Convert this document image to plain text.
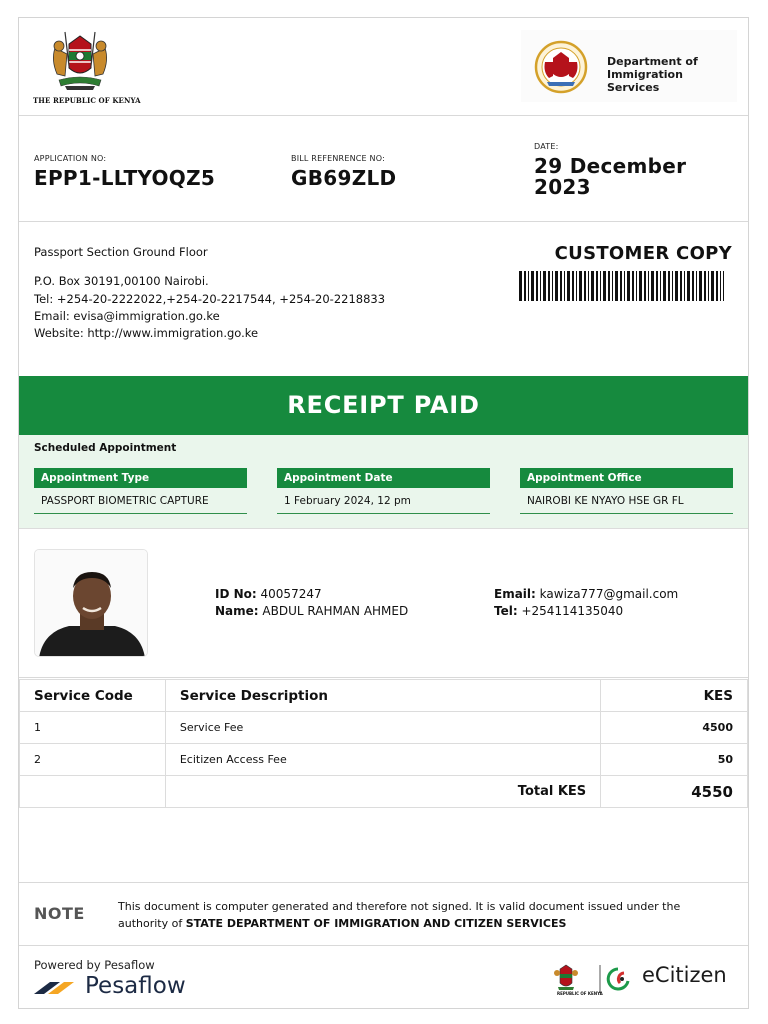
THE REPUBLIC OF KENYA
Department of
Immigration Services
APPLICATION NO:
EPP1-LLTYOQZ5
BILL REFENRENCE NO:
GB69ZLD
DATE:
29 December
2023
Passport Section Ground Floor
P.O. Box 30191,00100 Nairobi.
Tel: +254-20-2222022,+254-20-2217544, +254-20-2218833
Email: evisa@immigration.go.ke
Website: http://www.immigration.go.ke
CUSTOMER COPY
RECEIPT PAID
Scheduled Appointment
Appointment Type
PASSPORT BIOMETRIC CAPTURE
Appointment Date
1 February 2024, 12 pm
Appointment Office
NAIROBI KE NYAYO HSE GR FL
ID No: 40057247
Name: ABDUL RAHMAN AHMED
Email: kawiza777@gmail.com
Tel: +254114135040
Service Code	Service Description	KES
1	Service Fee	4500
2	Ecitizen Access Fee	50
	Total KES	4550
NOTE	This document is computer generated and therefore not signed. It is valid document issued under the authority of STATE DEPARTMENT OF IMMIGRATION AND CITIZEN SERVICES
Powered by Pesaflow
Pesaflow	eCitizen
REPUBLIC OF KENYA
